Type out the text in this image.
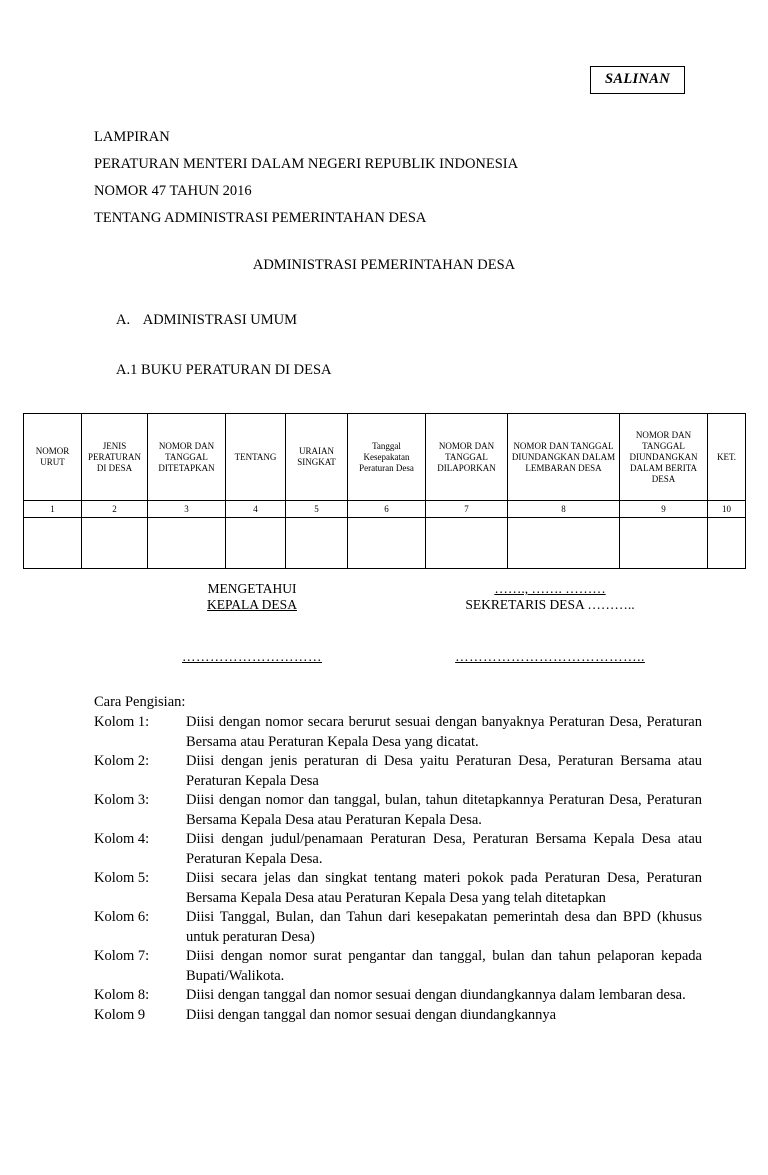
SALINAN
LAMPIRAN
PERATURAN MENTERI DALAM NEGERI REPUBLIK INDONESIA
NOMOR 47 TAHUN 2016
TENTANG ADMINISTRASI PEMERINTAHAN DESA
ADMINISTRASI PEMERINTAHAN DESA
A. ADMINISTRASI UMUM
A.1 BUKU PERATURAN DI DESA
NOMOR URUT	JENIS PERATURAN DI DESA	NOMOR DAN TANGGAL DITETAPKAN	TENTANG	URAIAN SINGKAT	Tanggal Kesepakatan Peraturan Desa	NOMOR DAN TANGGAL DILAPORKAN	NOMOR DAN TANGGAL DIUNDANGKAN DALAM LEMBARAN DESA	NOMOR DAN TANGGAL DIUNDANGKAN DALAM BERITA DESA	KET.
1	2	3	4	5	6	7	8	9	10

MENGETAHUI
KEPALA DESA
……., ……. ………
SEKRETARIS DESA ………..
…………………………	…………………………………..
Cara Pengisian:
Kolom 1:	Diisi dengan nomor secara berurut sesuai dengan banyaknya Peraturan Desa, Peraturan Bersama atau Peraturan Kepala Desa yang dicatat.
Kolom 2:	Diisi dengan jenis peraturan di Desa yaitu Peraturan Desa, Peraturan Bersama atau Peraturan Kepala Desa
Kolom 3:	Diisi dengan nomor dan tanggal, bulan, tahun ditetapkannya Peraturan Desa, Peraturan Bersama Kepala Desa atau Peraturan Kepala Desa.
Kolom 4:	Diisi dengan judul/penamaan Peraturan Desa, Peraturan Bersama Kepala Desa atau Peraturan Kepala Desa.
Kolom 5:	Diisi secara jelas dan singkat tentang materi pokok pada Peraturan Desa, Peraturan Bersama Kepala Desa atau Peraturan Kepala Desa yang telah ditetapkan
Kolom 6:	Diisi Tanggal, Bulan, dan Tahun dari kesepakatan pemerintah desa dan BPD (khusus untuk peraturan Desa)
Kolom 7:	Diisi dengan nomor surat pengantar dan tanggal, bulan dan tahun pelaporan kepada Bupati/Walikota.
Kolom 8:	Diisi dengan tanggal dan nomor sesuai dengan diundangkannya dalam lembaran desa.
Kolom 9	Diisi dengan tanggal dan nomor sesuai dengan diundangkannya
